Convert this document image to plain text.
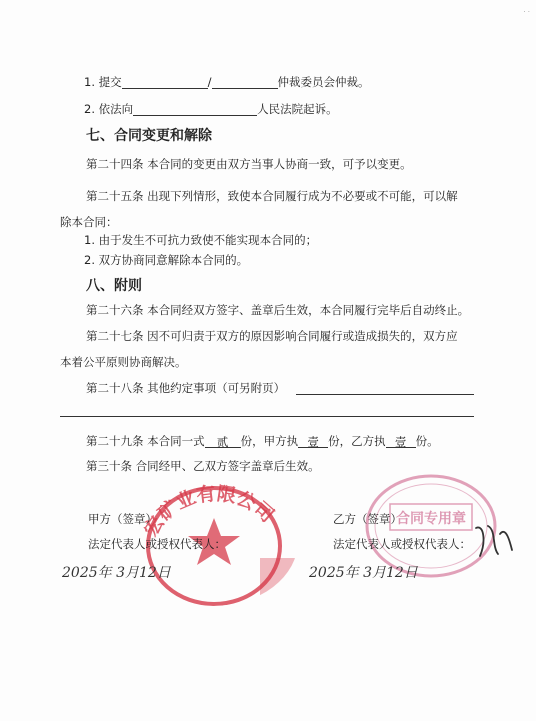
· ·
1. 提交	/	仲裁委员会仲裁。
2. 依法向	人民法院起诉。
七、合同变更和解除
第二十四条 本合同的变更由双方当事人协商一致，可予以变更。
第二十五条 出现下列情形，致使本合同履行成为不必要或不可能，可以解
除本合同：
1. 由于发生不可抗力致使不能实现本合同的；
2. 双方协商同意解除本合同的。
八、附则
第二十六条 本合同经双方签字、盖章后生效，本合同履行完毕后自动终止。
第二十七条 因不可归责于双方的原因影响合同履行或造成损失的，双方应
本着公平原则协商解决。
第二十八条 其他约定事项（可另附页）
第二十九条 本合同一式 贰 份，甲方执 壹 份，乙方执 壹 份。
第三十条 合同经甲、乙双方签字盖章后生效。
宏矿业有限公司	合同专用章
甲方（签章）	乙方（签章）
法定代表人或授权代表人：	法定代表人或授权代表人：
2025年 3月12日	2025年 3月12日
